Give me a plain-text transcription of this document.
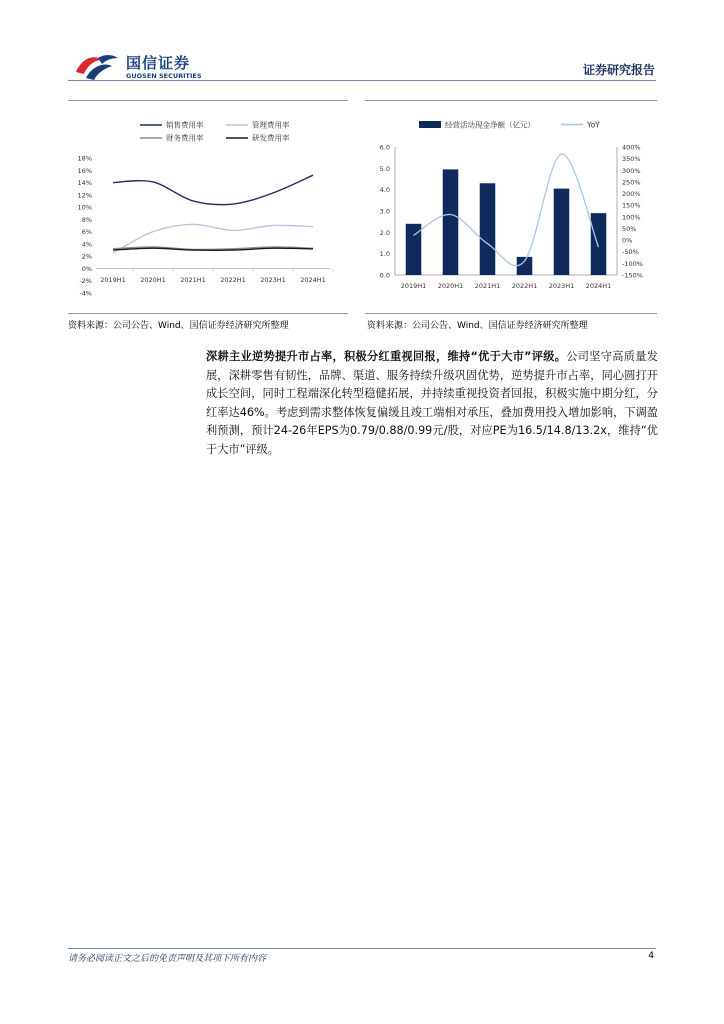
国信证券
GUOSEN SECURITIES	证券研究报告
18%
16%
14%
12%
10%
8%
6%
4%
2%
0%
-2%
-4%
2019H1 2020H1 2021H1 2022H1 2023H1 2024H1
销售费用率	管理费用率
财务费用率	研发费用率
6.0
5.0
4.0
3.0
2.0
1.0
0.0
400%
350%
300%
250%
200%
150%
100%
50%
0%
-50%
-100%
-150%
2019H1 2020H1 2021H1 2022H1 2023H1 2024H1
经营活动现金净额（亿元）	YoY
资料来源：公司公告、Wind、国信证券经济研究所整理	资料来源：公司公告、Wind、国信证券经济研究所整理
深耕主业逆势提升市占率，积极分红重视回报，维持“优于大市”评级。公司坚守高质量发展，深耕零售有韧性，品牌、渠道、服务持续升级巩固优势，逆势提升市占率，同心圆打开成长空间，同时工程端深化转型稳健拓展，并持续重视投资者回报，积极实施中期分红，分红率达46%。考虑到需求整体恢复偏缓且竣工端相对承压，叠加费用投入增加影响，下调盈利预测，预计24-26年EPS为0.79/0.88/0.99元/股，对应PE为16.5/14.8/13.2x，维持“优于大市”评级。
请务必阅读正文之后的免责声明及其项下所有内容	4
